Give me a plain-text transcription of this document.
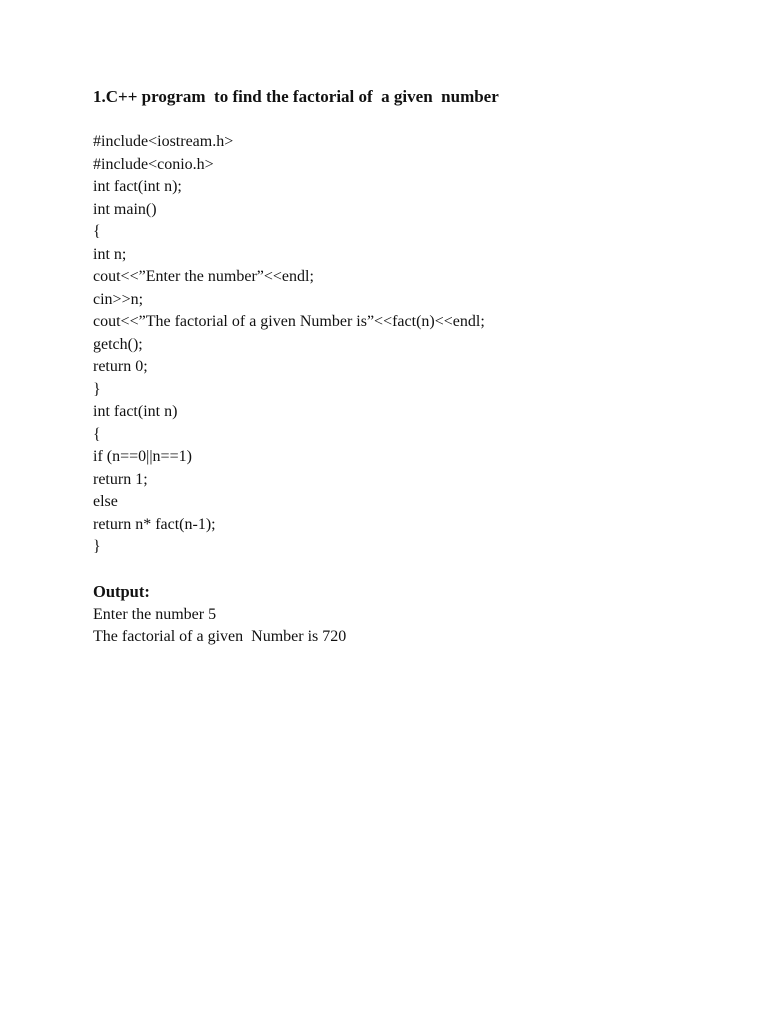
1.C++ program  to find the factorial of  a given  number
#include<iostream.h>
#include<conio.h>
int fact(int n);
int main()
{
int n;
cout<<”Enter the number”<<endl;
cin>>n;
cout<<”The factorial of a given Number is”<<fact(n)<<endl;
getch();
return 0;
}
int fact(int n)
{
if (n==0||n==1)
return 1;
else
return n* fact(n-1);
}
Output:
Enter the number 5
The factorial of a given  Number is 720
